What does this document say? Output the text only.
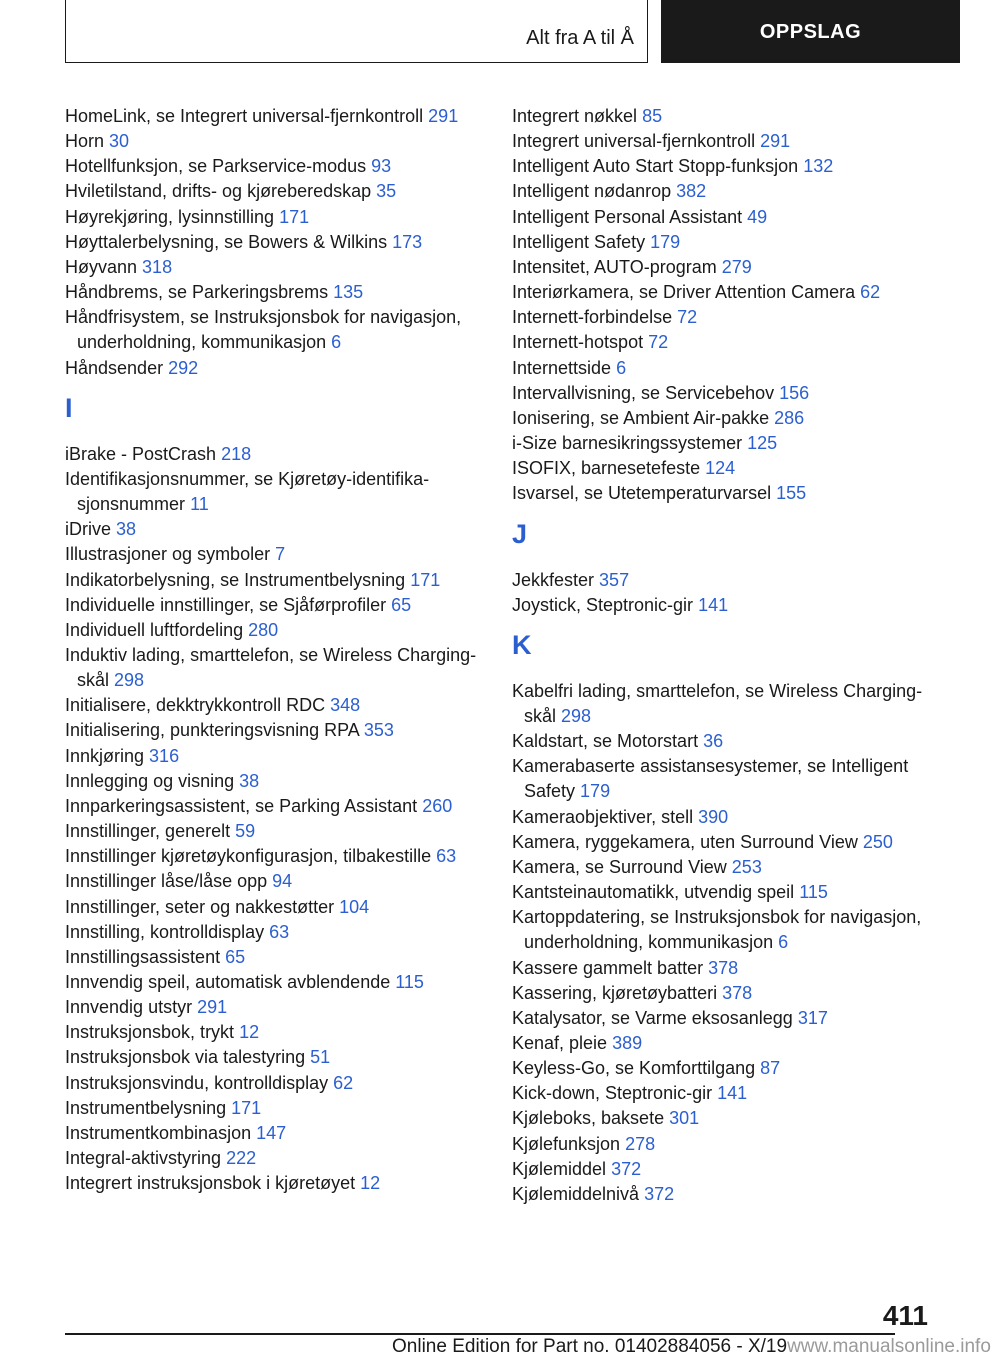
Alt fra A til Å	OPPSLAG
HomeLink, se Integrert universal-fjernkontroll 291
Horn 30
Hotellfunksjon, se Parkservice-modus 93
Hviletilstand, drifts- og kjøreberedskap 35
Høyrekjøring, lysinnstilling 171
Høyttalerbelysning, se Bowers & Wilkins 173
Høyvann 318
Håndbrems, se Parkeringsbrems 135
Håndfrisystem, se Instruksjonsbok for navigasjon, underholdning, kommunikasjon 6
Håndsender 292
I
iBrake - PostCrash 218
Identifikasjonsnummer, se Kjøretøy-identifikasjonsnummer 11
iDrive 38
Illustrasjoner og symboler 7
Indikatorbelysning, se Instrumentbelysning 171
Individuelle innstillinger, se Sjåførprofiler 65
Individuell luftfordeling 280
Induktiv lading, smarttelefon, se Wireless Charging-skål 298
Initialisere, dekktrykkontroll RDC 348
Initialisering, punkteringsvisning RPA 353
Innkjøring 316
Innlegging og visning 38
Innparkeringsassistent, se Parking Assistant 260
Innstillinger, generelt 59
Innstillinger kjøretøykonfigurasjon, tilbakestille 63
Innstillinger låse/låse opp 94
Innstillinger, seter og nakkestøtter 104
Innstilling, kontrolldisplay 63
Innstillingsassistent 65
Innvendig speil, automatisk avblendende 115
Innvendig utstyr 291
Instruksjonsbok, trykt 12
Instruksjonsbok via talestyring 51
Instruksjonsvindu, kontrolldisplay 62
Instrumentbelysning 171
Instrumentkombinasjon 147
Integral-aktivstyring 222
Integrert instruksjonsbok i kjøretøyet 12
Integrert nøkkel 85
Integrert universal-fjernkontroll 291
Intelligent Auto Start Stopp-funksjon 132
Intelligent nødanrop 382
Intelligent Personal Assistant 49
Intelligent Safety 179
Intensitet, AUTO-program 279
Interiørkamera, se Driver Attention Camera 62
Internett-forbindelse 72
Internett-hotspot 72
Internettside 6
Intervallvisning, se Servicebehov 156
Ionisering, se Ambient Air-pakke 286
i-Size barnesikringssystemer 125
ISOFIX, barnesetefeste 124
Isvarsel, se Utetemperaturvarsel 155
J
Jekkfester 357
Joystick, Steptronic-gir 141
K
Kabelfri lading, smarttelefon, se Wireless Charging-skål 298
Kaldstart, se Motorstart 36
Kamerabaserte assistansesystemer, se Intelligent Safety 179
Kameraobjektiver, stell 390
Kamera, ryggekamera, uten Surround View 250
Kamera, se Surround View 253
Kantsteinautomatikk, utvendig speil 115
Kartoppdatering, se Instruksjonsbok for navigasjon, underholdning, kommunikasjon 6
Kassere gammelt batter 378
Kassering, kjøretøybatteri 378
Katalysator, se Varme eksosanlegg 317
Kenaf, pleie 389
Keyless-Go, se Komforttilgang 87
Kick-down, Steptronic-gir 141
Kjøleboks, baksete 301
Kjølefunksjon 278
Kjølemiddel 372
Kjølemiddelnivå 372
411
Online Edition for Part no. 01402884056 - X/19www.manualsonline.info
